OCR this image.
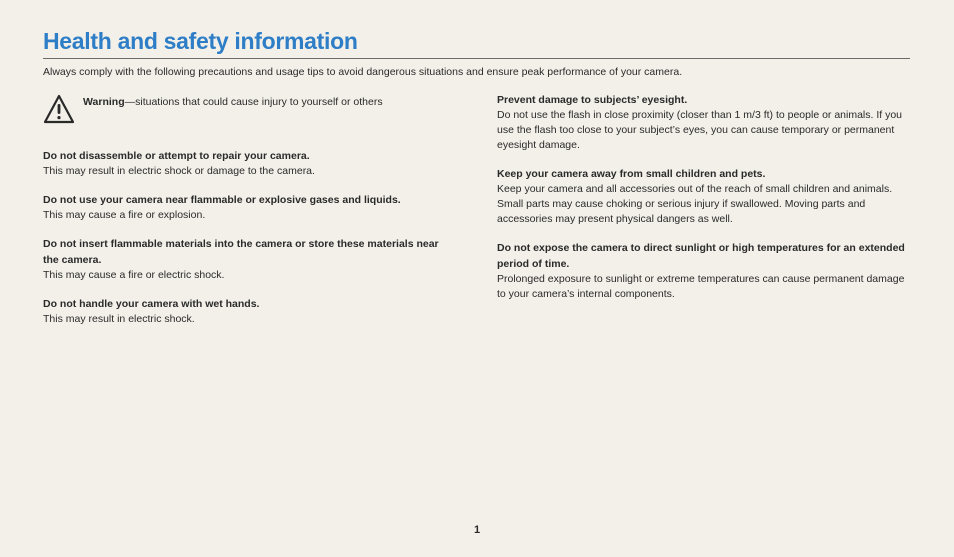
Health and safety information

Always comply with the following precautions and usage tips to avoid dangerous situations and ensure peak performance of your camera.

Warning—situations that could cause injury to yourself or others

Do not disassemble or attempt to repair your camera.

This may result in electric shock or damage to the camera.

Do not use your camera near flammable or explosive gases and liquids.

This may cause a fire or explosion.

Do not insert flammable materials into the camera or store these materials near the camera.

This may cause a fire or electric shock.

Do not handle your camera with wet hands.

This may result in electric shock.

Prevent damage to subjects’ eyesight.

Do not use the flash in close proximity (closer than 1 m/3 ft) to people or animals. If you use the flash too close to your subject’s eyes, you can cause temporary or permanent eyesight damage.

Keep your camera away from small children and pets.

Keep your camera and all accessories out of the reach of small children and animals. Small parts may cause choking or serious injury if swallowed. Moving parts and accessories may present physical dangers as well.

Do not expose the camera to direct sunlight or high temperatures for an extended period of time.

Prolonged exposure to sunlight or extreme temperatures can cause permanent damage to your camera’s internal components.

1
